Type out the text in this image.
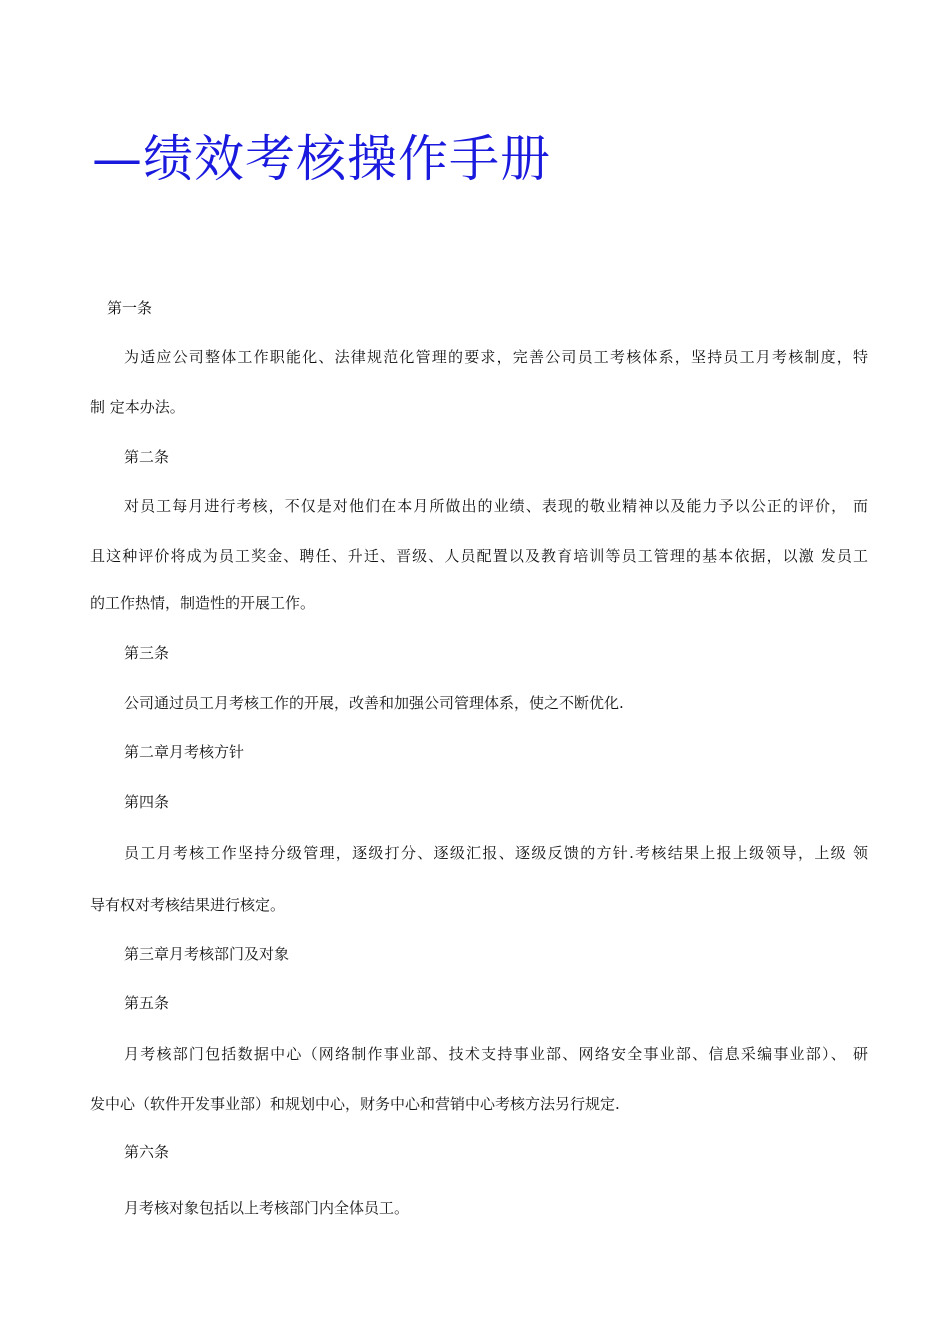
—绩效考核操作手册
第一条
为适应公司整体工作职能化、法律规范化管理的要求，完善公司员工考核体系，坚持员工月考核制度，特
制 定本办法。
第二条
对员工每月进行考核，不仅是对他们在本月所做出的业绩、表现的敬业精神以及能力予以公正的评价， 而
且这种评价将成为员工奖金、聘任、升迁、晋级、人员配置以及教育培训等员工管理的基本依据，以激 发员工
的工作热情，制造性的开展工作。
第三条
公司通过员工月考核工作的开展，改善和加强公司管理体系，使之不断优化.
第二章月考核方针
第四条
员工月考核工作坚持分级管理，逐级打分、逐级汇报、逐级反馈的方针.考核结果上报上级领导，上级 领
导有权对考核结果进行核定。
第三章月考核部门及对象
第五条
月考核部门包括数据中心（网络制作事业部、技术支持事业部、网络安全事业部、信息采编事业部）、 研
发中心（软件开发事业部）和规划中心，财务中心和营销中心考核方法另行规定.
第六条
月考核对象包括以上考核部门内全体员工。
